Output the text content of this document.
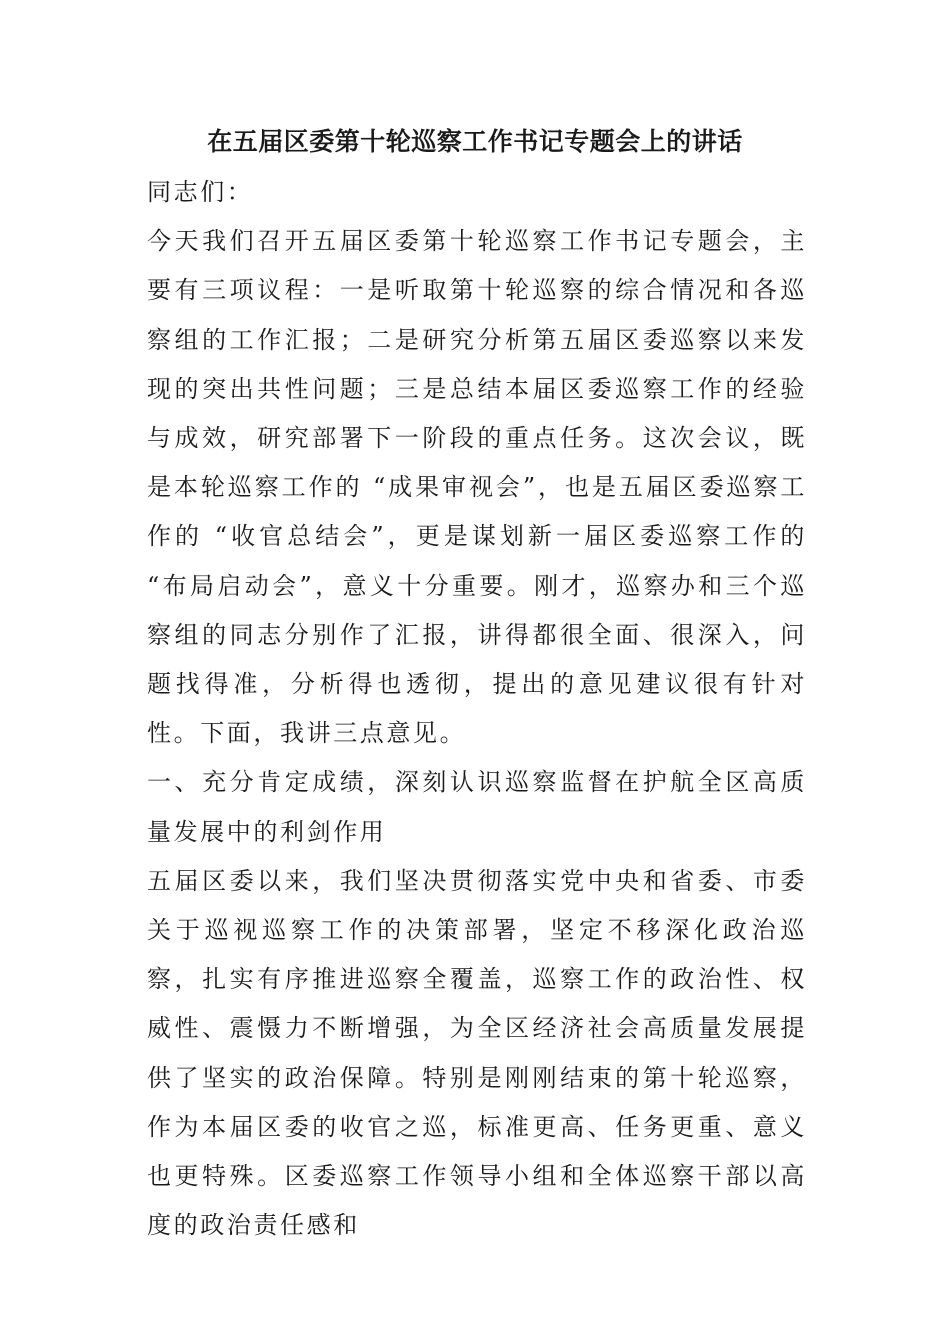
在五届区委第十轮巡察工作书记专题会上的讲话

同志们：

今天我们召开五届区委第十轮巡察工作书记专题会，主要有三项议程：一是听取第十轮巡察的综合情况和各巡察组的工作汇报；二是研究分析第五届区委巡察以来发现的突出共性问题；三是总结本届区委巡察工作的经验与成效，研究部署下一阶段的重点任务。这次会议，既是本轮巡察工作的 “成果审视会”，也是五届区委巡察工作的 “收官总结会”，更是谋划新一届区委巡察工作的 “布局启动会”，意义十分重要。刚才，巡察办和三个巡察组的同志分别作了汇报，讲得都很全面、很深入，问题找得准，分析得也透彻，提出的意见建议很有针对性。下面，我讲三点意见。

一、充分肯定成绩，深刻认识巡察监督在护航全区高质量发展中的利剑作用

五届区委以来，我们坚决贯彻落实党中央和省委、市委关于巡视巡察工作的决策部署，坚定不移深化政治巡察，扎实有序推进巡察全覆盖，巡察工作的政治性、权威性、震慑力不断增强，为全区经济社会高质量发展提供了坚实的政治保障。特别是刚刚结束的第十轮巡察，作为本届区委的收官之巡，标准更高、任务更重、意义也更特殊。区委巡察工作领导小组和全体巡察干部以高度的政治责任感和
